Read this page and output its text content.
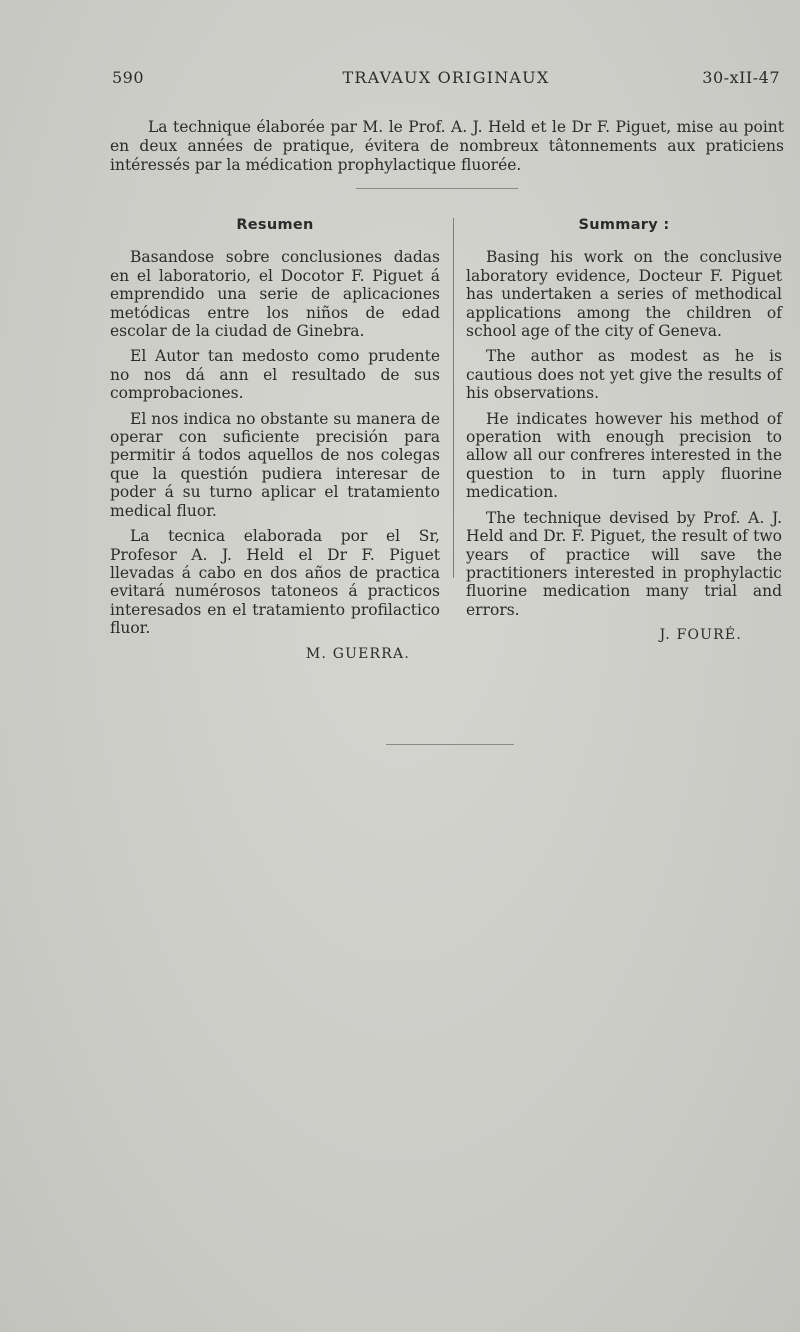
590	TRAVAUX ORIGINAUX	30-xII-47

La technique élaborée par M. le Prof. A. J. Held et le Dr F. Piguet, mise au point en deux années de pratique, évitera de nombreux tâtonnements aux praticiens intéressés par la médication prophylactique fluorée.

Resumen

Basandose sobre conclusiones dadas en el laboratorio, el Docotor F. Piguet á emprendido una serie de aplicaciones metódicas entre los niños de edad escolar de la ciudad de Ginebra.

El Autor tan medosto como prudente no nos dá ann el resultado de sus comprobaciones.

El nos indica no obstante su manera de operar con suficiente precisión para permitir á todos aquellos de nos colegas que la questión pudiera interesar de poder á su turno aplicar el tratamiento medical fluor.

La tecnica elaborada por el Sr, Profesor A. J. Held el Dr F. Piguet llevadas á cabo en dos años de practica evitará numérosos tatoneos á practicos interesados en el tratamiento profilactico fluor.

M. GUERRA.
Summary :

Basing his work on the conclusive laboratory evidence, Docteur F. Piguet has undertaken a series of methodical applications among the children of school age of the city of Geneva.

The author as modest as he is cautious does not yet give the results of his observations.

He indicates however his method of operation with enough precision to allow all our confreres interested in the question to in turn apply fluorine medication.

The technique devised by Prof. A. J. Held and Dr. F. Piguet, the result of two years of practice will save the practitioners interested in prophylactic fluorine medication many trial and errors.

J. FOURÉ.
